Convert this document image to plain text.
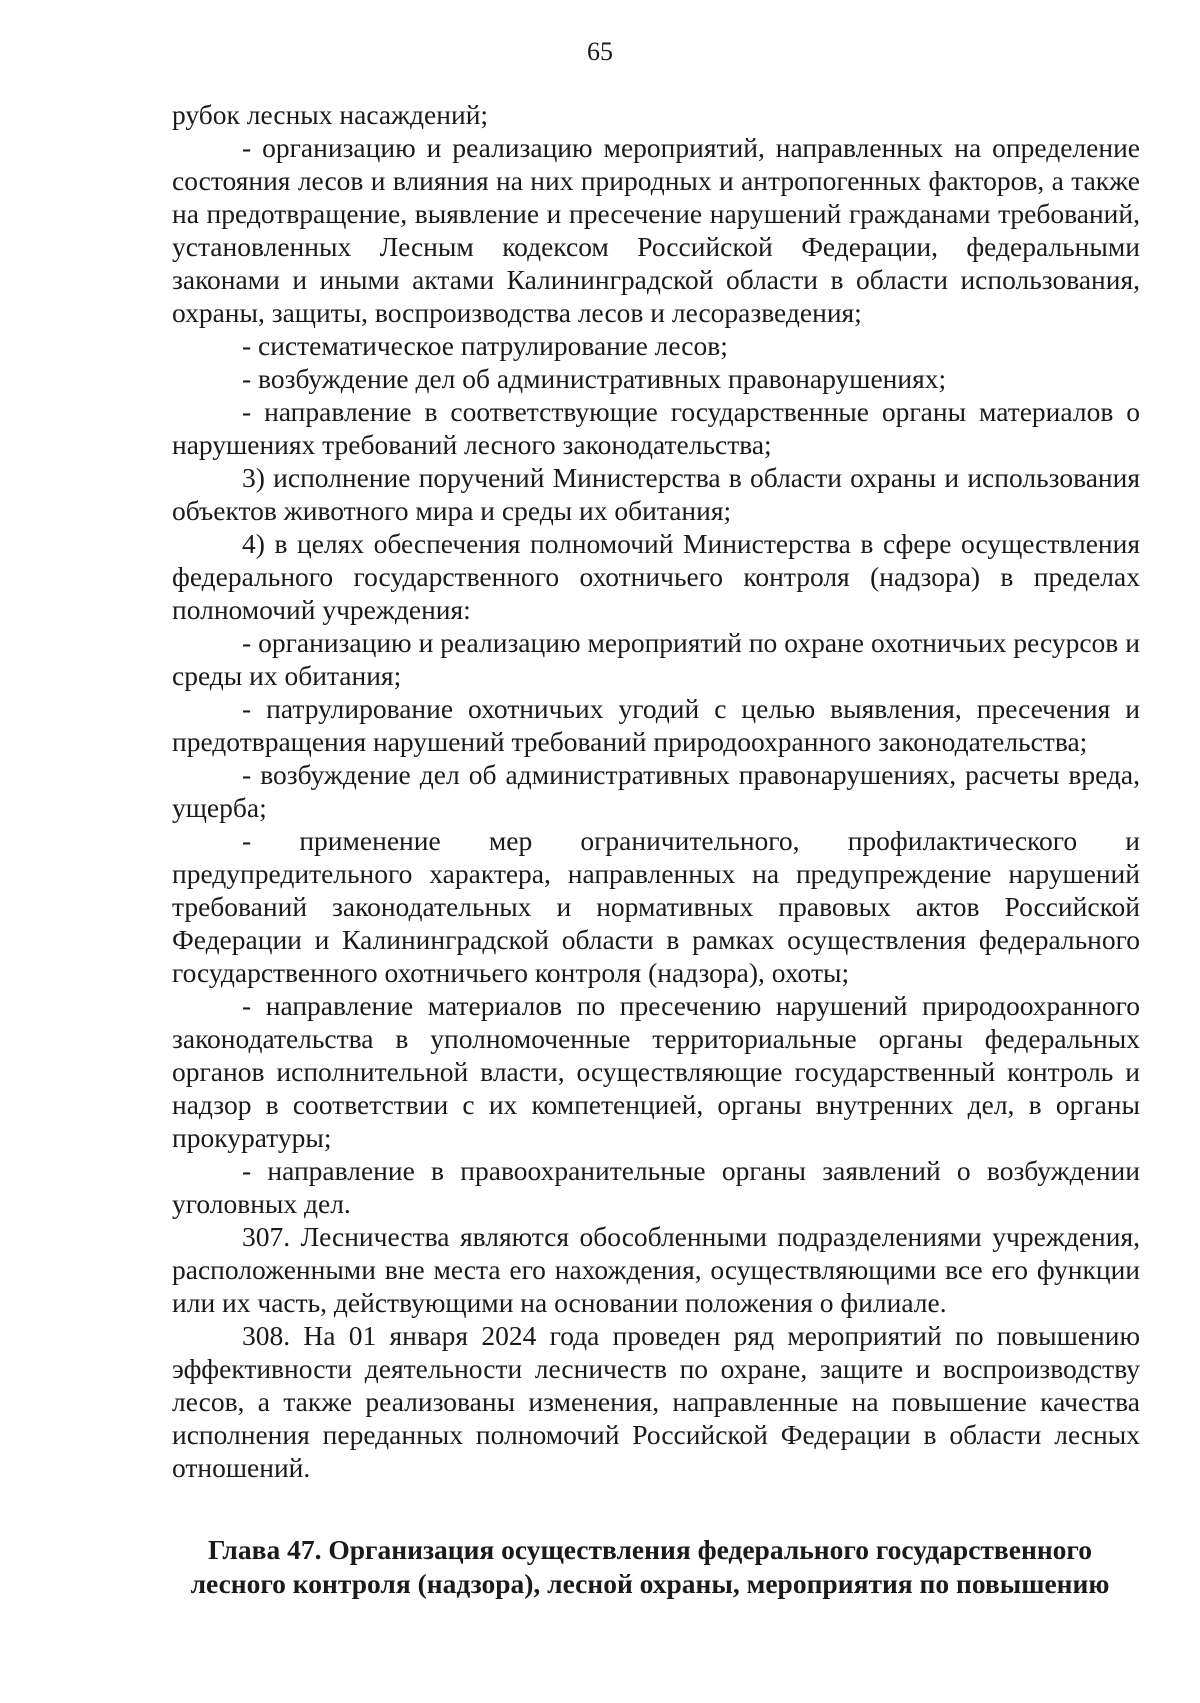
65

рубок лесных насаждений;

- организацию и реализацию мероприятий, направленных на определение состояния лесов и влияния на них природных и антропогенных факторов, а также на предотвращение, выявление и пресечение нарушений гражданами требований, установленных Лесным кодексом Российской Федерации, федеральными законами и иными актами Калининградской области в области использования, охраны, защиты, воспроизводства лесов и лесоразведения;

- систематическое патрулирование лесов;

- возбуждение дел об административных правонарушениях;

- направление в соответствующие государственные органы материалов о нарушениях требований лесного законодательства;

3) исполнение поручений Министерства в области охраны и использования объектов животного мира и среды их обитания;

4) в целях обеспечения полномочий Министерства в сфере осуществления федерального государственного охотничьего контроля (надзора) в пределах полномочий учреждения:

- организацию и реализацию мероприятий по охране охотничьих ресурсов и среды их обитания;

- патрулирование охотничьих угодий с целью выявления, пресечения и предотвращения нарушений требований природоохранного законодательства;

- возбуждение дел об административных правонарушениях, расчеты вреда, ущерба;

- применение мер ограничительного, профилактического и предупредительного характера, направленных на предупреждение нарушений требований законодательных и нормативных правовых актов Российской Федерации и Калининградской области в рамках осуществления федерального государственного охотничьего контроля (надзора), охоты;

- направление материалов по пресечению нарушений природоохранного законодательства в уполномоченные территориальные органы федеральных органов исполнительной власти, осуществляющие государственный контроль и надзор в соответствии с их компетенцией, органы внутренних дел, в органы прокуратуры;

- направление в правоохранительные органы заявлений о возбуждении уголовных дел.

307. Лесничества являются обособленными подразделениями учреждения, расположенными вне места его нахождения, осуществляющими все его функции или их часть, действующими на основании положения о филиале.

308. На 01 января 2024 года проведен ряд мероприятий по повышению эффективности деятельности лесничеств по охране, защите и воспроизводству лесов, а также реализованы изменения, направленные на повышение качества исполнения переданных полномочий Российской Федерации в области лесных отношений.

Глава 47. Организация осуществления федерального государственного
лесного контроля (надзора), лесной охраны, мероприятия по повышению
